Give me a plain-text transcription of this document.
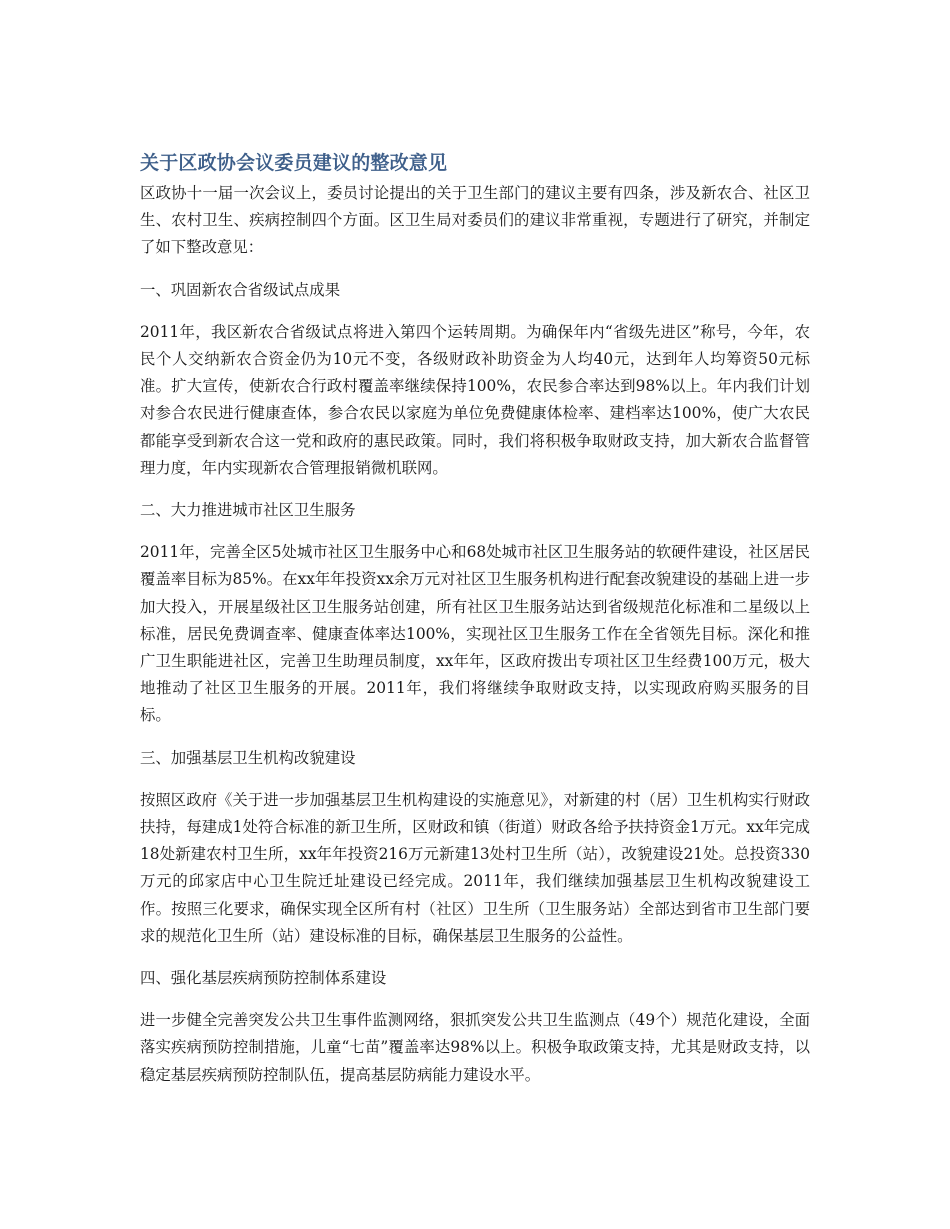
关于区政协会议委员建议的整改意见

区政协十一届一次会议上，委员讨论提出的关于卫生部门的建议主要有四条，涉及新农合、社区卫生、农村卫生、疾病控制四个方面。区卫生局对委员们的建议非常重视，专题进行了研究，并制定了如下整改意见：

一、巩固新农合省级试点成果

2011年，我区新农合省级试点将进入第四个运转周期。为确保年内“省级先进区”称号，今年，农民个人交纳新农合资金仍为10元不变，各级财政补助资金为人均40元，达到年人均筹资50元标准。扩大宣传，使新农合行政村覆盖率继续保持100%，农民参合率达到98%以上。年内我们计划对参合农民进行健康查体，参合农民以家庭为单位免费健康体检率、建档率达100%，使广大农民都能享受到新农合这一党和政府的惠民政策。同时，我们将积极争取财政支持，加大新农合监督管理力度，年内实现新农合管理报销微机联网。

二、大力推进城市社区卫生服务

2011年，完善全区5处城市社区卫生服务中心和68处城市社区卫生服务站的软硬件建设，社区居民覆盖率目标为85%。在xx年年投资xx余万元对社区卫生服务机构进行配套改貌建设的基础上进一步加大投入，开展星级社区卫生服务站创建，所有社区卫生服务站达到省级规范化标准和二星级以上标准，居民免费调查率、健康查体率达100%，实现社区卫生服务工作在全省领先目标。深化和推广卫生职能进社区，完善卫生助理员制度，xx年年，区政府拨出专项社区卫生经费100万元，极大地推动了社区卫生服务的开展。2011年，我们将继续争取财政支持，以实现政府购买服务的目标。

三、加强基层卫生机构改貌建设

按照区政府《关于进一步加强基层卫生机构建设的实施意见》，对新建的村（居）卫生机构实行财政扶持，每建成1处符合标准的新卫生所，区财政和镇（街道）财政各给予扶持资金1万元。xx年完成18处新建农村卫生所，xx年年投资216万元新建13处村卫生所（站），改貌建设21处。总投资330万元的邱家店中心卫生院迁址建设已经完成。2011年，我们继续加强基层卫生机构改貌建设工作。按照三化要求，确保实现全区所有村（社区）卫生所（卫生服务站）全部达到省市卫生部门要求的规范化卫生所（站）建设标准的目标，确保基层卫生服务的公益性。

四、强化基层疾病预防控制体系建设

进一步健全完善突发公共卫生事件监测网络，狠抓突发公共卫生监测点（49个）规范化建设，全面落实疾病预防控制措施，儿童“七苗”覆盖率达98%以上。积极争取政策支持，尤其是财政支持，以稳定基层疾病预防控制队伍，提高基层防病能力建设水平。
